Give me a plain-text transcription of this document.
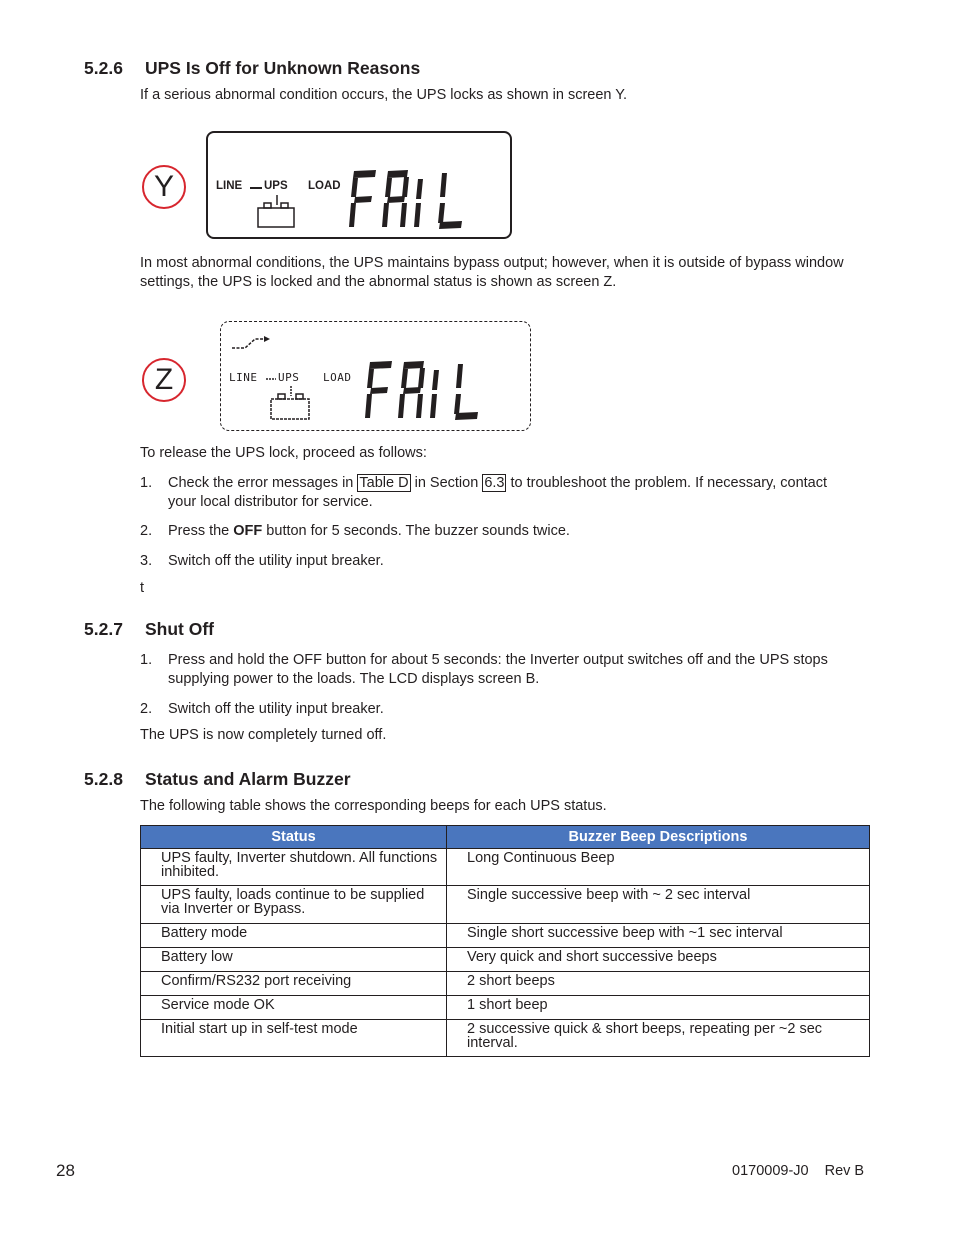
5.2.6 UPS Is Off for Unknown Reasons
If a serious abnormal condition occurs, the UPS locks as shown in screen Y.
Y	LINE UPS LOAD
In most abnormal conditions, the UPS maintains bypass output; however, when it is outside of bypass window settings, the UPS is locked and the abnormal status is shown as screen Z.
Z	LINE UPS LOAD
To release the UPS lock, proceed as follows:
1. Check the error messages in Table D in Section 6.3 to troubleshoot the problem. If necessary, contact your local distributor for service.
2. Press the OFF button for 5 seconds. The buzzer sounds twice.
3. Switch off the utility input breaker.
t
5.2.7 Shut Off
1. Press and hold the OFF button for about 5 seconds: the Inverter output switches off and the UPS stops supplying power to the loads. The LCD displays screen B.
2. Switch off the utility input breaker.
The UPS is now completely turned off.
5.2.8 Status and Alarm Buzzer
The following table shows the corresponding beeps for each UPS status.
Status	Buzzer Beep Descriptions
UPS faulty, Inverter shutdown. All functions inhibited.	Long Continuous Beep
UPS faulty, loads continue to be supplied via Inverter or Bypass.	Single successive beep with ~ 2 sec interval
Battery mode	Single short successive beep with ~1 sec interval
Battery low	Very quick and short successive beeps
Confirm/RS232 port receiving	2 short beeps
Service mode OK	1 short beep
Initial start up in self-test mode	2 successive quick & short beeps, repeating per ~2 sec interval.
28	0170009-J0 Rev B
